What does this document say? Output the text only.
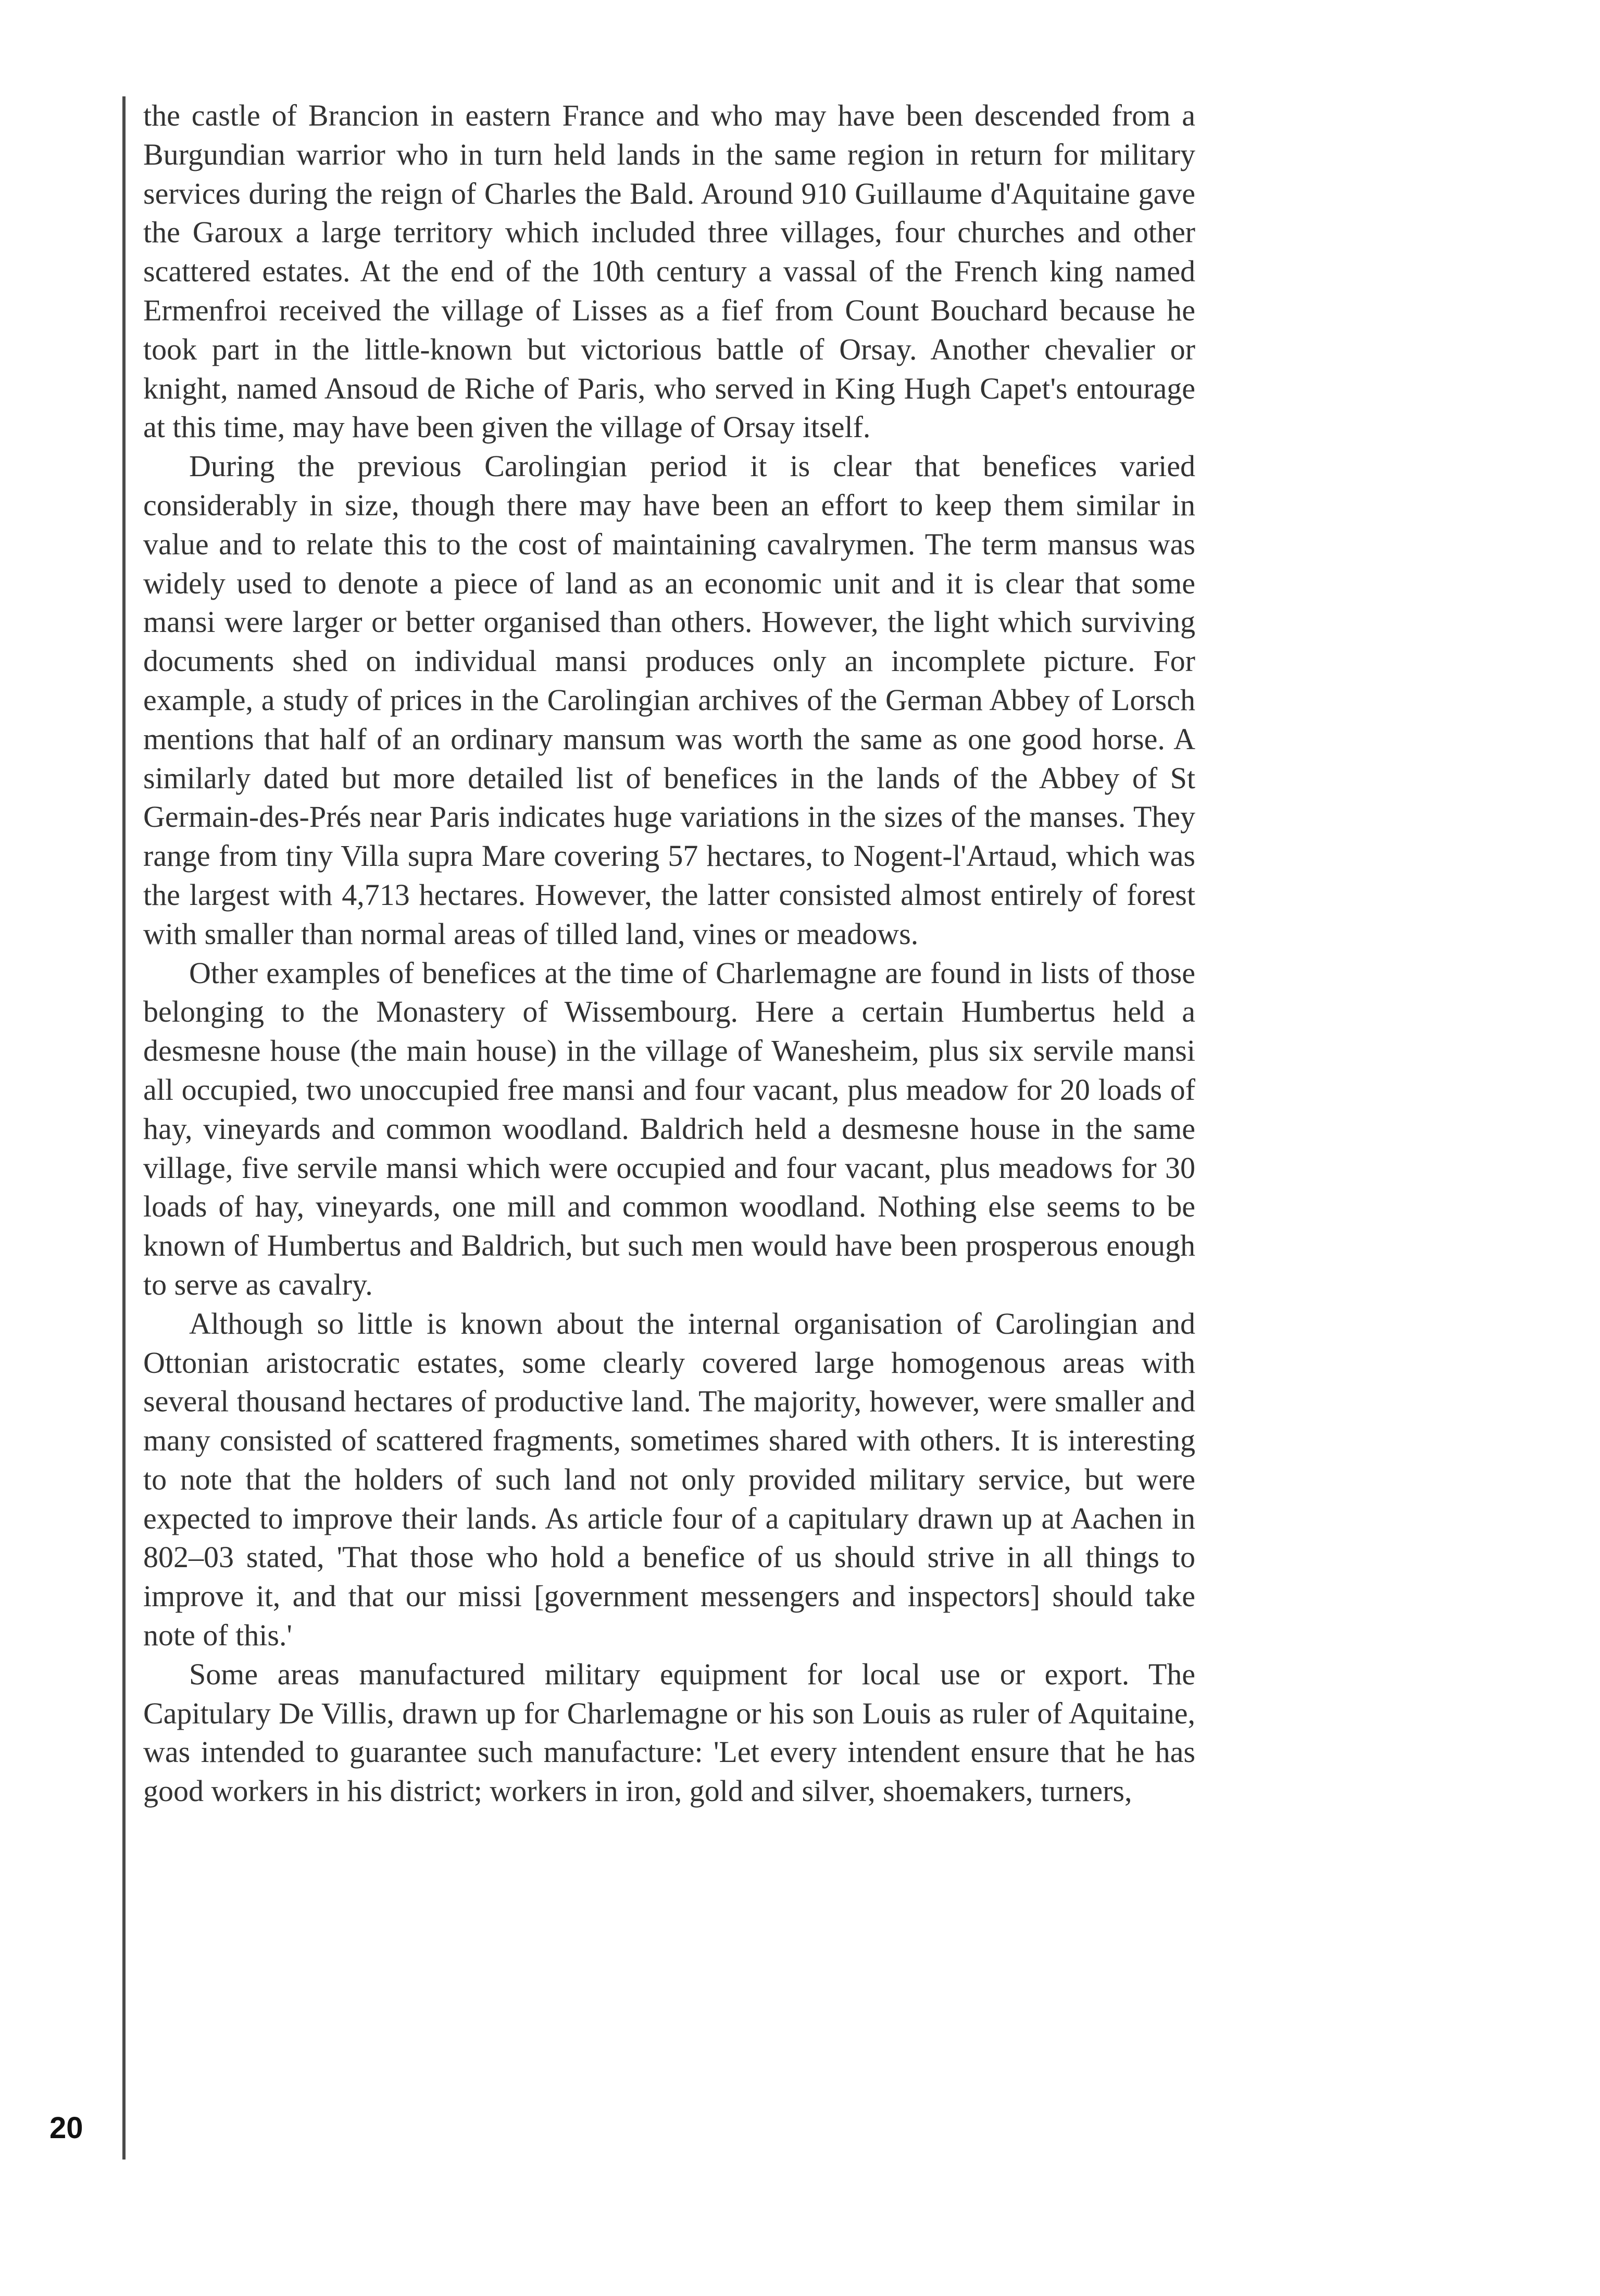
the castle of Brancion in eastern France and who may have been descended from a Burgundian warrior who in turn held lands in the same region in return for military services during the reign of Charles the Bald. Around 910 Guillaume d'Aquitaine gave the Garoux a large territory which included three villages, four churches and other scattered estates. At the end of the 10th century a vassal of the French king named Ermenfroi received the village of Lisses as a fief from Count Bouchard because he took part in the little-known but victorious battle of Orsay. Another chevalier or knight, named Ansoud de Riche of Paris, who served in King Hugh Capet's entourage at this time, may have been given the village of Orsay itself.

During the previous Carolingian period it is clear that benefices varied considerably in size, though there may have been an effort to keep them similar in value and to relate this to the cost of maintaining cavalrymen. The term mansus was widely used to denote a piece of land as an economic unit and it is clear that some mansi were larger or better organised than others. However, the light which surviving documents shed on individual mansi produces only an incomplete picture. For example, a study of prices in the Carolingian archives of the German Abbey of Lorsch mentions that half of an ordinary mansum was worth the same as one good horse. A similarly dated but more detailed list of benefices in the lands of the Abbey of St Germain-des-Prés near Paris indicates huge variations in the sizes of the manses. They range from tiny Villa supra Mare covering 57 hectares, to Nogent-l'Artaud, which was the largest with 4,713 hectares. However, the latter consisted almost entirely of forest with smaller than normal areas of tilled land, vines or meadows.

Other examples of benefices at the time of Charlemagne are found in lists of those belonging to the Monastery of Wissembourg. Here a certain Humbertus held a desmesne house (the main house) in the village of Wanesheim, plus six servile mansi all occupied, two unoccupied free mansi and four vacant, plus meadow for 20 loads of hay, vineyards and common woodland. Baldrich held a desmesne house in the same village, five servile mansi which were occupied and four vacant, plus meadows for 30 loads of hay, vineyards, one mill and common woodland. Nothing else seems to be known of Humbertus and Baldrich, but such men would have been prosperous enough to serve as cavalry.

Although so little is known about the internal organisation of Carolingian and Ottonian aristocratic estates, some clearly covered large homogenous areas with several thousand hectares of productive land. The majority, however, were smaller and many consisted of scattered fragments, sometimes shared with others. It is interesting to note that the holders of such land not only provided military service, but were expected to improve their lands. As article four of a capitulary drawn up at Aachen in 802–03 stated, 'That those who hold a benefice of us should strive in all things to improve it, and that our missi [government messengers and inspectors] should take note of this.'

Some areas manufactured military equipment for local use or export. The Capitulary De Villis, drawn up for Charlemagne or his son Louis as ruler of Aquitaine, was intended to guarantee such manufacture: 'Let every intendent ensure that he has good workers in his district; workers in iron, gold and silver, shoemakers, turners,

20
